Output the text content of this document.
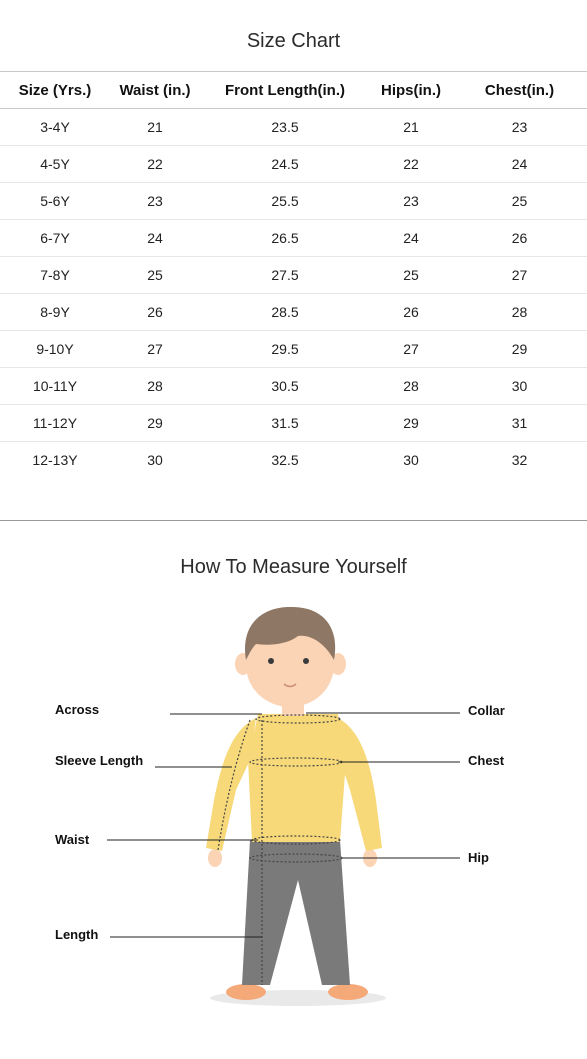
Size Chart
Size (Yrs.)	Waist (in.)	Front Length(in.)	Hips(in.)	Chest(in.)
3-4Y	21	23.5	21	23
4-5Y	22	24.5	22	24
5-6Y	23	25.5	23	25
6-7Y	24	26.5	24	26
7-8Y	25	27.5	25	27
8-9Y	26	28.5	26	28
9-10Y	27	29.5	27	29
10-11Y	28	30.5	28	30
11-12Y	29	31.5	29	31
12-13Y	30	32.5	30	32
How To Measure Yourself
Across
Sleeve Length
Waist
Length
Collar
Chest
Hip
